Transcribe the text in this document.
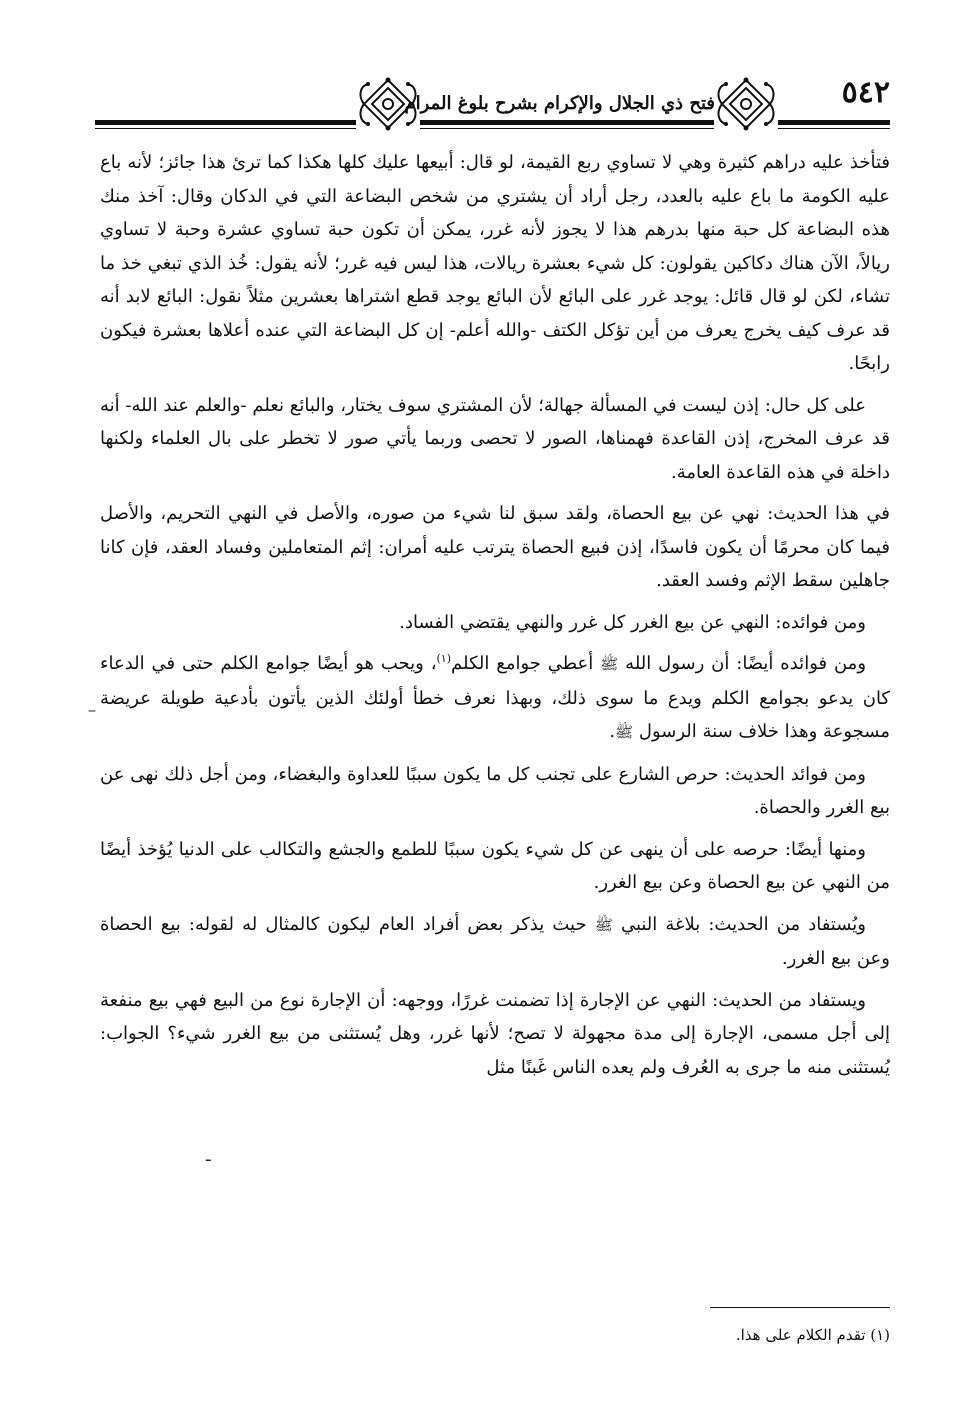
٥٤٢
فتح ذي الجلال والإكرام بشرح بلوغ المرام

فتأخذ عليه دراهم كثيرة وهي لا تساوي ربع القيمة، لو قال: أبيعها عليك كلها هكذا كما ترئ هذا جائز؛ لأنه باع عليه الكومة ما باع عليه بالعدد، رجل أراد أن يشتري من شخص البضاعة التي في الدكان وقال: آخذ منك هذه البضاعة كل حبة منها بدرهم هذا لا يجوز لأنه غرر، يمكن أن تكون حبة تساوي عشرة وحبة لا تساوي ريالاً، الآن هناك دكاكين يقولون: كل شيء بعشرة ريالات، هذا ليس فيه غرر؛ لأنه يقول: خُذ الذي تبغي خذ ما تشاء، لكن لو قال قائل: يوجد غرر على البائع لأن البائع يوجد قطع اشتراها بعشرين مثلاً نقول: البائع لابد أنه قد عرف كيف يخرج يعرف من أين تؤكل الكتف -والله أعلم- إن كل البضاعة التي عنده أعلاها بعشرة فيكون رابحًا.

على كل حال: إذن ليست في المسألة جهالة؛ لأن المشتري سوف يختار، والبائع نعلم -والعلم عند الله- أنه قد عرف المخرج، إذن القاعدة فهمناها، الصور لا تحصى وربما يأتي صور لا تخطر على بال العلماء ولكنها داخلة في هذه القاعدة العامة.

في هذا الحديث: نهي عن بيع الحصاة، ولقد سبق لنا شيء من صوره، والأصل في النهي التحريم، والأصل فيما كان محرمًا أن يكون فاسدًا، إذن فبيع الحصاة يترتب عليه أمران: إثم المتعاملين وفساد العقد، فإن كانا جاهلين سقط الإثم وفسد العقد.

ومن فوائده: النهي عن بيع الغرر كل غرر والنهي يقتضي الفساد.

ومن فوائده أيضًا: أن رسول الله ﷺ أعطي جوامع الكلم$^{(١)}$، ويحب هو أيضًا جوامع الكلم حتى في الدعاء كان يدعو بجوامع الكلم ويدع ما سوى ذلك، وبهذا نعرف خطأ أولئك الذين يأتون بأدعية طويلة عريضة مسجوعة وهذا خلاف سنة الرسول ﷺ.

ومن فوائد الحديث: حرص الشارع على تجنب كل ما يكون سببًا للعداوة والبغضاء، ومن أجل ذلك نهى عن بيع الغرر والحصاة.

ومنها أيضًا: حرصه على أن ينهى عن كل شيء يكون سببًا للطمع والجشع والتكالب على الدنيا يُؤخذ أيضًا من النهي عن بيع الحصاة وعن بيع الغرر.

ويُستفاد من الحديث: بلاغة النبي ﷺ حيث يذكر بعض أفراد العام ليكون كالمثال له لقوله: بيع الحصاة وعن بيع الغرر.

ويستفاد من الحديث: النهي عن الإجارة إذا تضمنت غررًا، ووجهه: أن الإجارة نوع من البيع فهي بيع منفعة إلى أجل مسمى، الإجارة إلى مدة مجهولة لا تصح؛ لأنها غرر، وهل يُستثنى من بيع الغرر شيء؟ الجواب: يُستثنى منه ما جرى به العُرف ولم يعده الناس غَبنًا مثل

–
ـ
(١) تقدم الكلام على هذا.
